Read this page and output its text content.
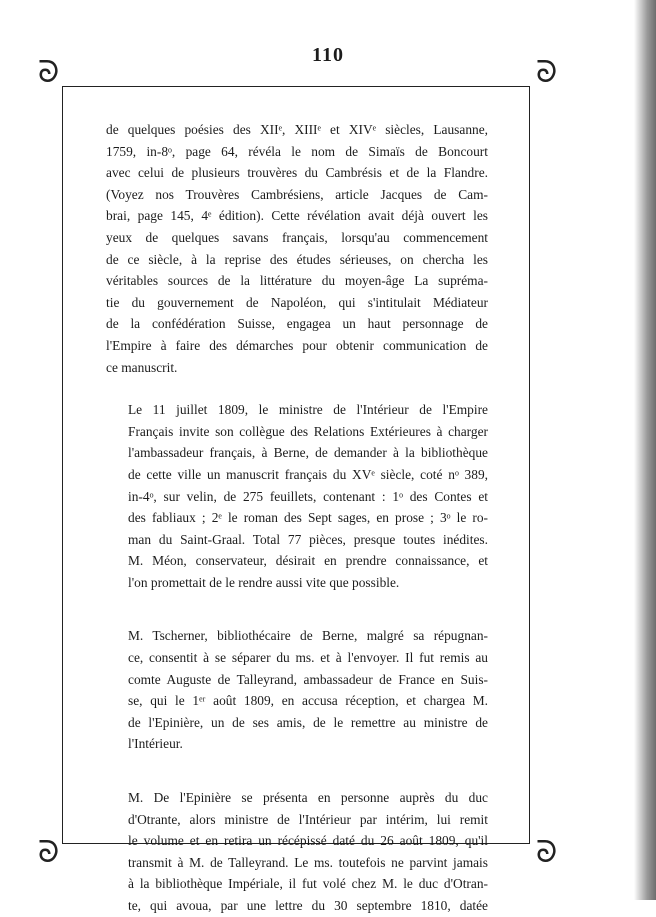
110
ᘐ	ᘐ
ᘐ	ᘐ
de quelques poésies des XIIᵉ, XIIIᵉ et XIVᵉ siècles, Lausanne,
1759, in-8ᵒ, page 64, révéla le nom de Simaïs de Boncourt
avec celui de plusieurs trouvères du Cambrésis et de la Flandre.
(Voyez nos Trouvères Cambrésiens, article Jacques de Cam-
brai, page 145, 4ᵉ édition). Cette révélation avait déjà ouvert les
yeux de quelques savans français, lorsqu'au commencement
de ce siècle, à la reprise des études sérieuses, on chercha les
véritables sources de la littérature du moyen-âge La supréma-
tie du gouvernement de Napoléon, qui s'intitulait Médiateur
de la confédération Suisse, engagea un haut personnage de
l'Empire à faire des démarches pour obtenir communication de
ce manuscrit.
Le 11 juillet 1809, le ministre de l'Intérieur de l'Empire
Français invite son collègue des Relations Extérieures à charger
l'ambassadeur français, à Berne, de demander à la bibliothèque
de cette ville un manuscrit français du XVᵉ siècle, coté nᵒ 389,
in-4ᵒ, sur velin, de 275 feuillets, contenant : 1ᵒ des Contes et
des fabliaux ; 2ᵉ le roman des Sept sages, en prose ; 3ᵒ le ro-
man du Saint-Graal. Total 77 pièces, presque toutes inédites.
M. Méon, conservateur, désirait en prendre connaissance, et
l'on promettait de le rendre aussi vite que possible.
M. Tscherner, bibliothécaire de Berne, malgré sa répugnan-
ce, consentit à se séparer du ms. et à l'envoyer. Il fut remis au
comte Auguste de Talleyrand, ambassadeur de France en Suis-
se, qui le 1ᵉʳ août 1809, en accusa réception, et chargea M.
de l'Epinière, un de ses amis, de le remettre au ministre de
l'Intérieur.
M. De l'Epinière se présenta en personne auprès du duc
d'Otrante, alors ministre de l'Intérieur par intérim, lui remit
le volume et en retira un récépissé daté du 26 août 1809, qu'il
transmit à M. de Talleyrand. Le ms. toutefois ne parvint jamais
à la bibliothèque Impériale, il fut volé chez M. le duc d'Otran-
te, qui avoua, par une lettre du 30 septembre 1810, datée
